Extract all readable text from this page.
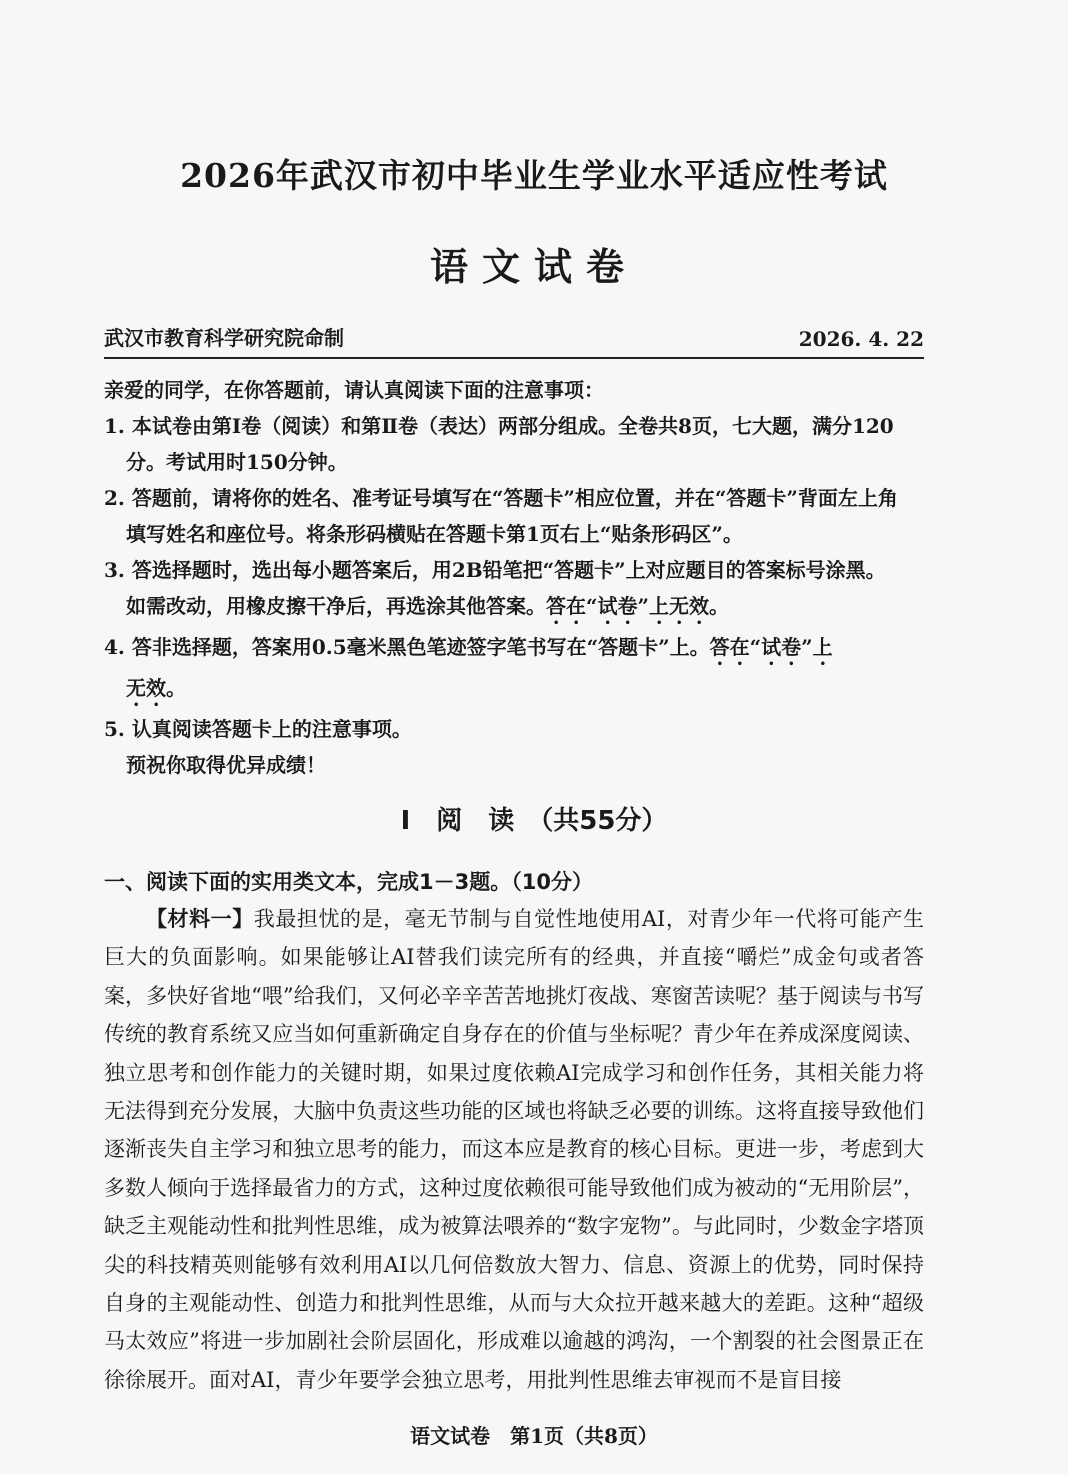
2026年武汉市初中毕业生学业水平适应性考试
语文试卷
武汉市教育科学研究院命制	2026. 4. 22

亲爱的同学，在你答题前，请认真阅读下面的注意事项：

1. 本试卷由第Ⅰ卷（阅读）和第Ⅱ卷（表达）两部分组成。全卷共8页，七大题，满分120

分。考试用时150分钟。

2. 答题前，请将你的姓名、准考证号填写在“答题卡”相应位置，并在“答题卡”背面左上角

填写姓名和座位号。将条形码横贴在答题卡第1页右上“贴条形码区”。

3. 答选择题时，选出每小题答案后，用2B铅笔把“答题卡”上对应题目的答案标号涂黑。

如需改动，用橡皮擦干净后，再选涂其他答案。答在“试卷”上无效。

4. 答非选择题，答案用0.5毫米黑色笔迹签字笔书写在“答题卡”上。答在“试卷”上

无效。

5. 认真阅读答题卡上的注意事项。

预祝你取得优异成绩！

Ⅰ　阅　读　（共55分）
一、阅读下面的实用类文本，完成1－3题。（10分）
【材料一】我最担忧的是，毫无节制与自觉性地使用AI，对青少年一代将可能产生巨大的负面影响。如果能够让AI替我们读完所有的经典，并直接“嚼烂”成金句或者答案，多快好省地“喂”给我们，又何必辛辛苦苦地挑灯夜战、寒窗苦读呢？基于阅读与书写传统的教育系统又应当如何重新确定自身存在的价值与坐标呢？青少年在养成深度阅读、独立思考和创作能力的关键时期，如果过度依赖AI完成学习和创作任务，其相关能力将无法得到充分发展，大脑中负责这些功能的区域也将缺乏必要的训练。这将直接导致他们逐渐丧失自主学习和独立思考的能力，而这本应是教育的核心目标。更进一步，考虑到大多数人倾向于选择最省力的方式，这种过度依赖很可能导致他们成为被动的“无用阶层”，缺乏主观能动性和批判性思维，成为被算法喂养的“数字宠物”。与此同时，少数金字塔顶尖的科技精英则能够有效利用AI以几何倍数放大智力、信息、资源上的优势，同时保持自身的主观能动性、创造力和批判性思维，从而与大众拉开越来越大的差距。这种“超级马太效应”将进一步加剧社会阶层固化，形成难以逾越的鸿沟，一个割裂的社会图景正在徐徐展开。面对AI，青少年要学会独立思考，用批判性思维去审视而不是盲目接
语文试卷　第1页（共8页）
